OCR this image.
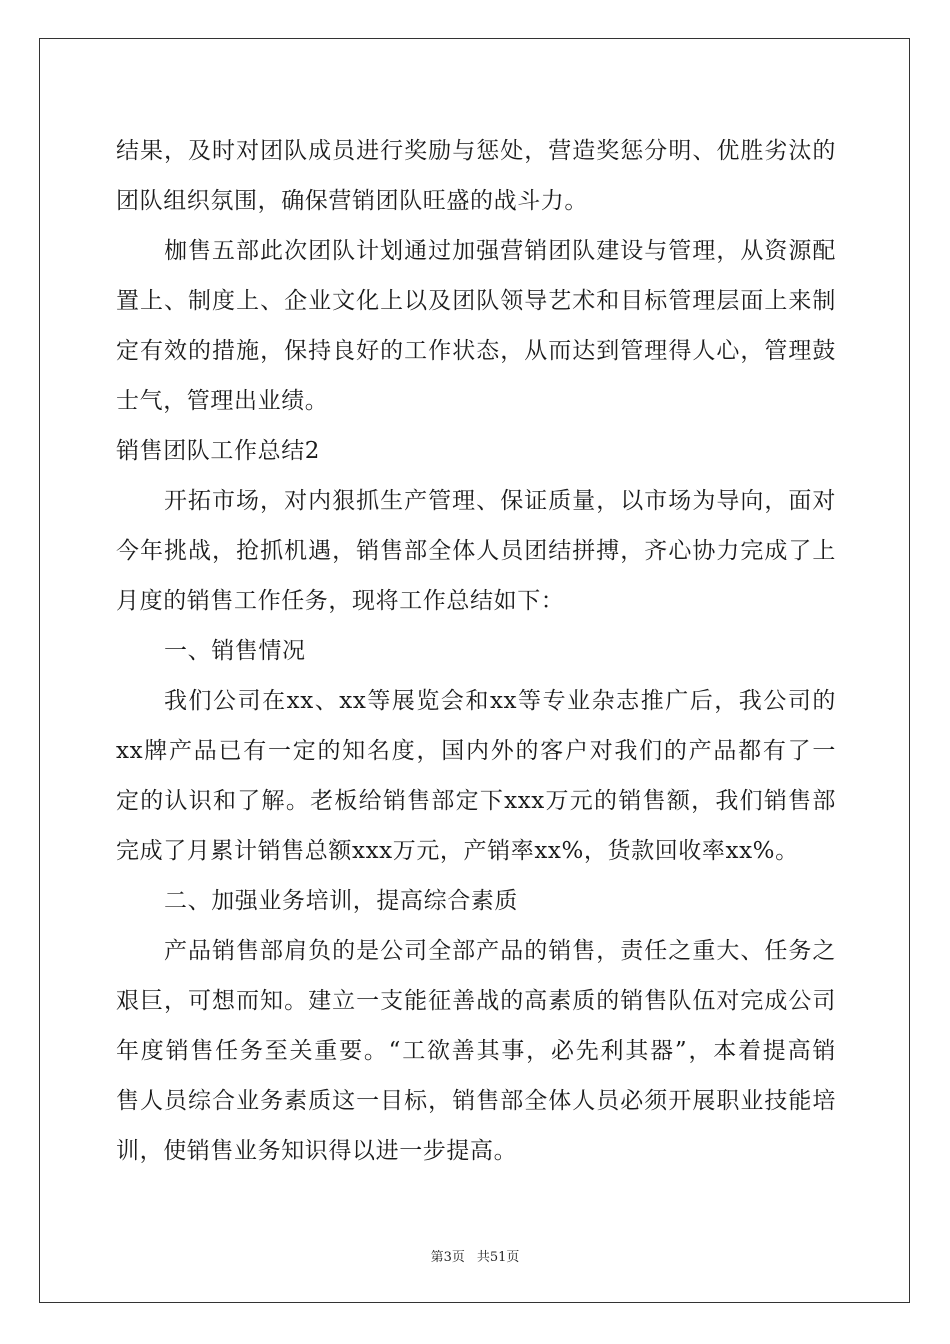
结果，及时对团队成员进行奖励与惩处，营造奖惩分明、优胜劣汰的
团队组织氛围，确保营销团队旺盛的战斗力。
枷售五部此次团队计划通过加强营销团队建设与管理，从资源配
置上、制度上、企业文化上以及团队领导艺术和目标管理层面上来制
定有效的措施，保持良好的工作状态，从而达到管理得人心，管理鼓
士气，管理出业绩。
销售团队工作总结2
开拓市场，对内狠抓生产管理、保证质量，以市场为导向，面对
今年挑战，抢抓机遇，销售部全体人员团结拼搏，齐心协力完成了上
月度的销售工作任务，现将工作总结如下：
一、销售情况
我们公司在xx、xx等展览会和xx等专业杂志推广后，我公司的
xx牌产品已有一定的知名度，国内外的客户对我们的产品都有了一
定的认识和了解。老板给销售部定下xxx万元的销售额，我们销售部
完成了月累计销售总额xxx万元，产销率xx%，货款回收率xx%。
二、加强业务培训，提高综合素质
产品销售部肩负的是公司全部产品的销售，责任之重大、任务之
艰巨，可想而知。建立一支能征善战的高素质的销售队伍对完成公司
年度销售任务至关重要。“工欲善其事，必先利其器”，本着提高销
售人员综合业务素质这一目标，销售部全体人员必须开展职业技能培
训，使销售业务知识得以进一步提高。
第3页 共51页
